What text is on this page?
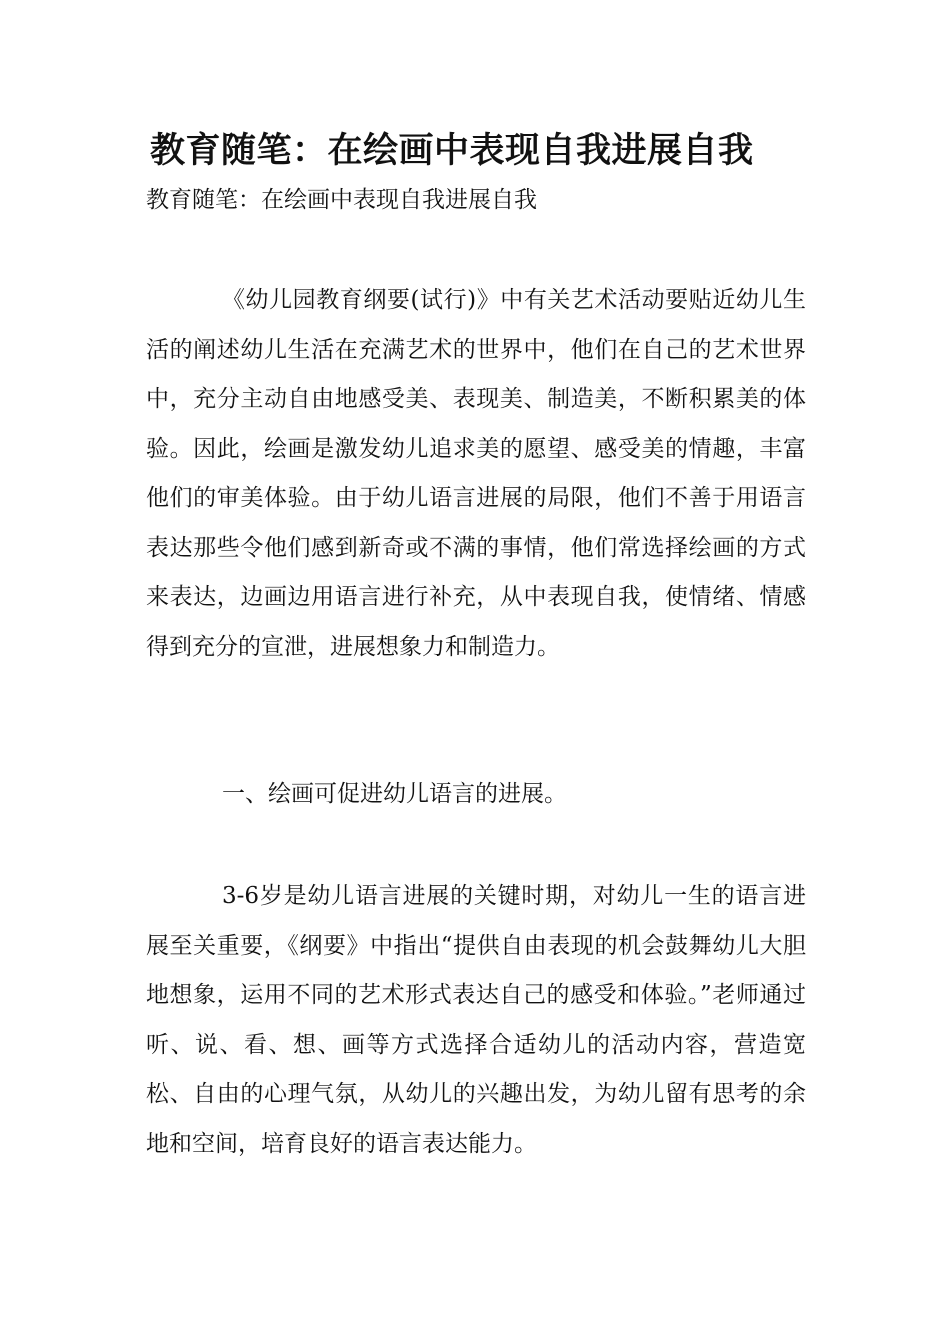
教育随笔：在绘画中表现自我进展自我
教育随笔：在绘画中表现自我进展自我

《幼儿园教育纲要(试行)》中有关艺术活动要贴近幼儿生活的阐述幼儿生活在充满艺术的世界中，他们在自己的艺术世界中，充分主动自由地感受美、表现美、制造美，不断积累美的体验。因此，绘画是激发幼儿追求美的愿望、感受美的情趣，丰富他们的审美体验。由于幼儿语言进展的局限，他们不善于用语言表达那些令他们感到新奇或不满的事情，他们常选择绘画的方式来表达，边画边用语言进行补充，从中表现自我，使情绪、情感得到充分的宣泄，进展想象力和制造力。

一、绘画可促进幼儿语言的进展。

3-6岁是幼儿语言进展的关键时期，对幼儿一生的语言进展至关重要，《纲要》中指出“提供自由表现的机会鼓舞幼儿大胆地想象，运用不同的艺术形式表达自己的感受和体验。”老师通过听、说、看、想、画等方式选择合适幼儿的活动内容，营造宽松、自由的心理气氛，从幼儿的兴趣出发，为幼儿留有思考的余地和空间，培育良好的语言表达能力。
